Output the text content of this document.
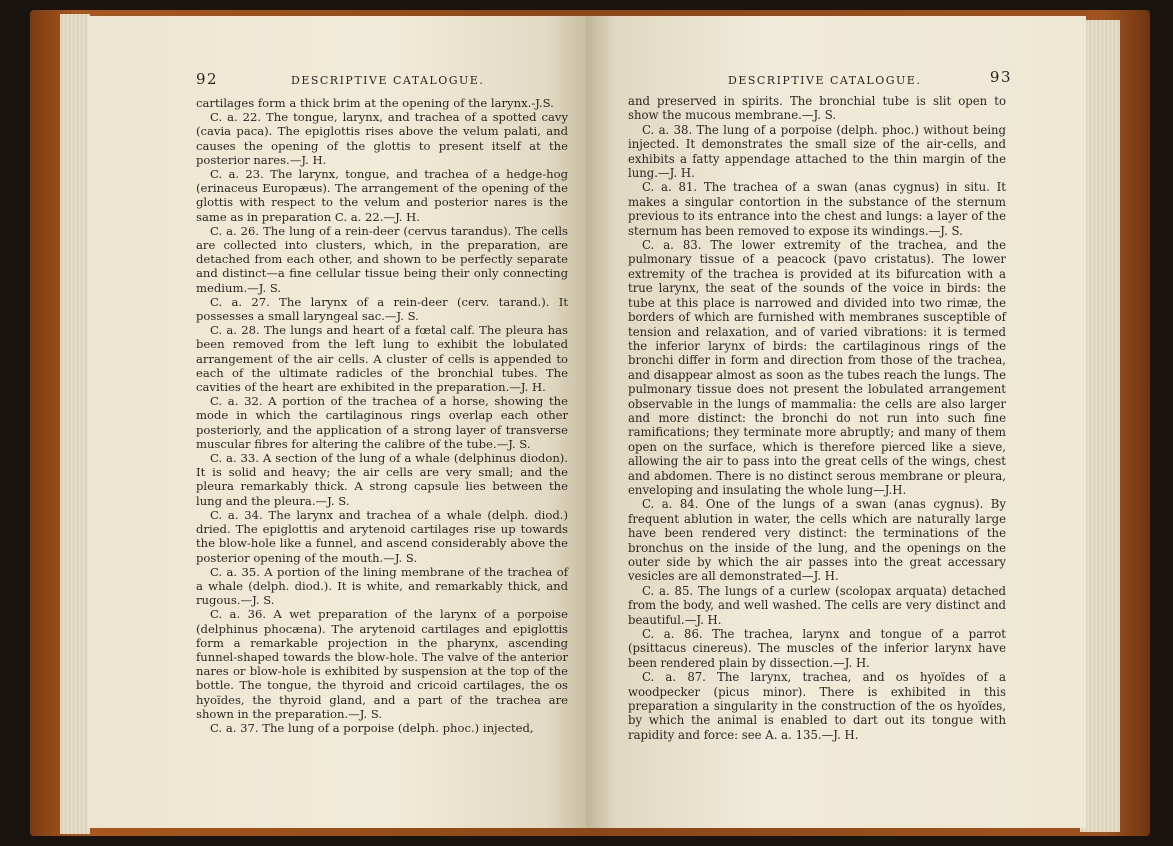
92	DESCRIPTIVE CATALOGUE.

cartilages form a thick brim at the opening of the larynx.-J.S.

C. a. 22. The tongue, larynx, and trachea of a spotted cavy (cavia paca). The epiglottis rises above the velum palati, and causes the opening of the glottis to present itself at the posterior nares.—J. H.

C. a. 23. The larynx, tongue, and trachea of a hedge-hog (erinaceus Europæus). The arrangement of the opening of the glottis with respect to the velum and posterior nares is the same as in preparation C. a. 22.—J. H.

C. a. 26. The lung of a rein-deer (cervus tarandus). The cells are collected into clusters, which, in the preparation, are detached from each other, and shown to be perfectly separate and distinct—a fine cellular tissue being their only connecting medium.—J. S.

C. a. 27. The larynx of a rein-deer (cerv. tarand.). It possesses a small laryngeal sac.—J. S.

C. a. 28. The lungs and heart of a fœtal calf. The pleura has been removed from the left lung to exhibit the lobulated arrangement of the air cells. A cluster of cells is appended to each of the ultimate radicles of the bronchial tubes. The cavities of the heart are exhibited in the preparation.—J. H.

C. a. 32. A portion of the trachea of a horse, showing the mode in which the cartilaginous rings overlap each other posteriorly, and the application of a strong layer of transverse muscular fibres for altering the calibre of the tube.—J. S.

C. a. 33. A section of the lung of a whale (delphinus diodon). It is solid and heavy; the air cells are very small; and the pleura remarkably thick. A strong capsule lies between the lung and the pleura.—J. S.

C. a. 34. The larynx and trachea of a whale (delph. diod.) dried. The epiglottis and arytenoid cartilages rise up towards the blow-hole like a funnel, and ascend considerably above the posterior opening of the mouth.—J. S.

C. a. 35. A portion of the lining membrane of the trachea of a whale (delph. diod.). It is white, and remarkably thick, and rugous.—J. S.

C. a. 36. A wet preparation of the larynx of a porpoise (delphinus phocæna). The arytenoid cartilages and epiglottis form a remarkable projection in the pharynx, ascending funnel-shaped towards the blow-hole. The valve of the anterior nares or blow-hole is exhibited by suspension at the top of the bottle. The tongue, the thyroid and cricoid cartilages, the os hyoïdes, the thyroid gland, and a part of the trachea are shown in the preparation.—J. S.

C. a. 37. The lung of a porpoise (delph. phoc.) injected,

DESCRIPTIVE CATALOGUE.	93

and preserved in spirits. The bronchial tube is slit open to show the mucous membrane.—J. S.

C. a. 38. The lung of a porpoise (delph. phoc.) without being injected. It demonstrates the small size of the air-cells, and exhibits a fatty appendage attached to the thin margin of the lung.—J. H.

C. a. 81. The trachea of a swan (anas cygnus) in situ. It makes a singular contortion in the substance of the sternum previous to its entrance into the chest and lungs: a layer of the sternum has been removed to expose its windings.—J. S.

C. a. 83. The lower extremity of the trachea, and the pulmonary tissue of a peacock (pavo cristatus). The lower extremity of the trachea is provided at its bifurcation with a true larynx, the seat of the sounds of the voice in birds: the tube at this place is narrowed and divided into two rimæ, the borders of which are furnished with membranes susceptible of tension and relaxation, and of varied vibrations: it is termed the inferior larynx of birds: the cartilaginous rings of the bronchi differ in form and direction from those of the trachea, and disappear almost as soon as the tubes reach the lungs. The pulmonary tissue does not present the lobulated arrangement observable in the lungs of mammalia: the cells are also larger and more distinct: the bronchi do not run into such fine ramifications; they terminate more abruptly; and many of them open on the surface, which is therefore pierced like a sieve, allowing the air to pass into the great cells of the wings, chest and abdomen. There is no distinct serous membrane or pleura, enveloping and insulating the whole lung—J.H.

C. a. 84. One of the lungs of a swan (anas cygnus). By frequent ablution in water, the cells which are naturally large have been rendered very distinct: the terminations of the bronchus on the inside of the lung, and the openings on the outer side by which the air passes into the great accessary vesicles are all demonstrated—J. H.

C. a. 85. The lungs of a curlew (scolopax arquata) detached from the body, and well washed. The cells are very distinct and beautiful.—J. H.

C. a. 86. The trachea, larynx and tongue of a parrot (psittacus cinereus). The muscles of the inferior larynx have been rendered plain by dissection.—J. H.

C. a. 87. The larynx, trachea, and os hyoïdes of a woodpecker (picus minor). There is exhibited in this preparation a singularity in the construction of the os hyoïdes, by which the animal is enabled to dart out its tongue with rapidity and force: see A. a. 135.—J. H.
